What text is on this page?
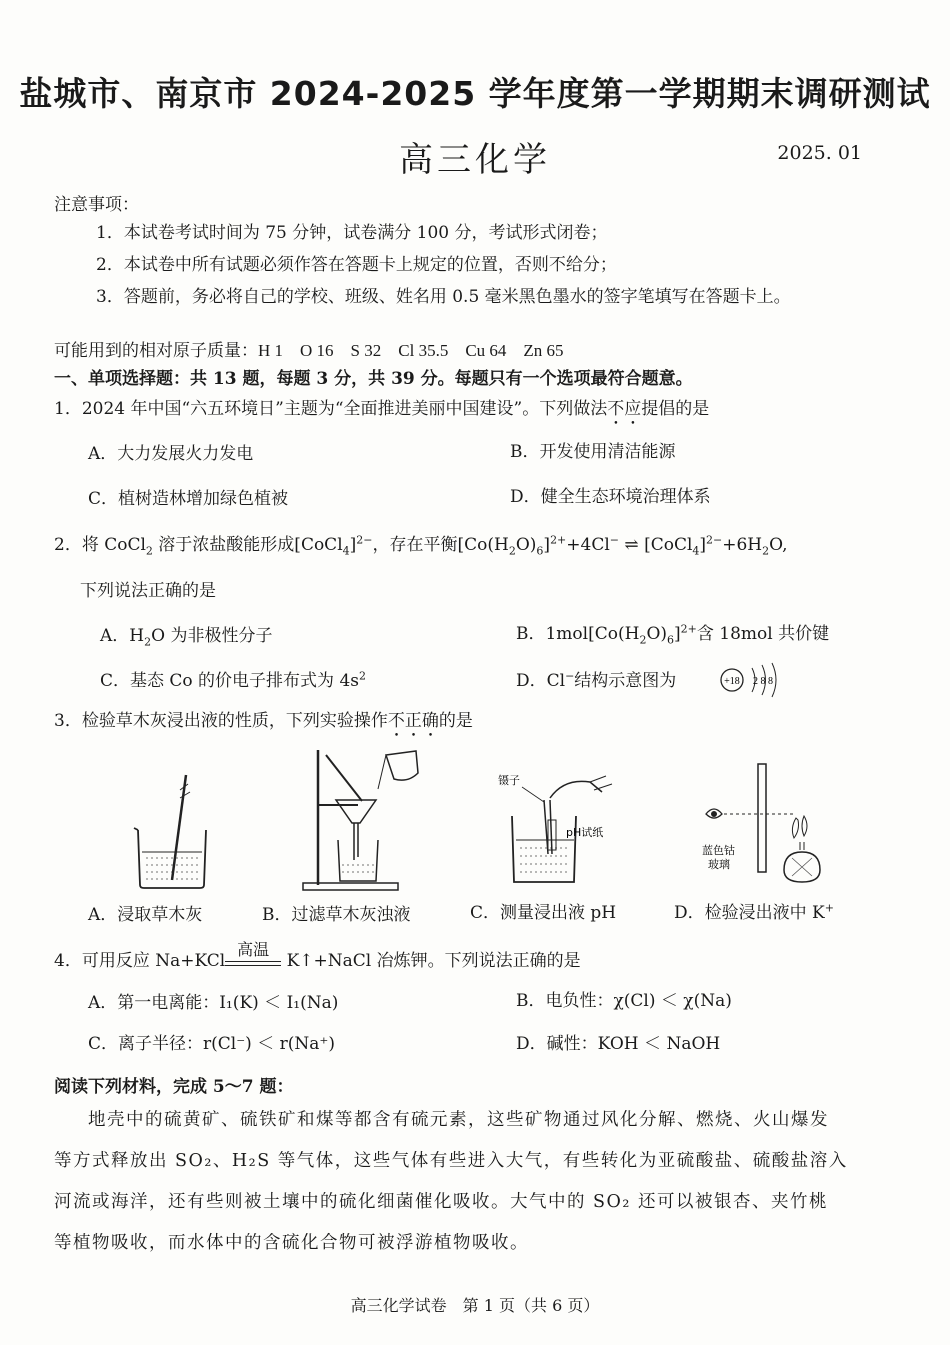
盐城市、南京市 2024-2025 学年度第一学期期末调研测试
高三化学	2025. 01
注意事项：
1．本试卷考试时间为 75 分钟，试卷满分 100 分，考试形式闭卷；
2．本试卷中所有试题必须作答在答题卡上规定的位置，否则不给分；
3．答题前，务必将自己的学校、班级、姓名用 0.5 毫米黑色墨水的签字笔填写在答题卡上。
可能用到的相对原子质量：H 1　O 16　S 32　Cl 35.5　Cu 64　Zn 65
一、单项选择题：共 13 题，每题 3 分，共 39 分。每题只有一个选项最符合题意。
1．2024 年中国“六五环境日”主题为“全面推进美丽中国建设”。下列做法不应提倡的是
A．大力发展火力发电	B．开发使用清洁能源
C．植树造林增加绿色植被	D．健全生态环境治理体系
2．将 CoCl$_2$ 溶于浓盐酸能形成[CoCl$_4$]$^{2-}$，存在平衡$[Co(H_2O)_6]^{2+}+4Cl^-$ ⇌ $[CoCl_4]^{2-}+6H_2O$,
下列说法正确的是
A．$H_2O$ 为非极性分子	B．$1mol[Co(H_2O)_6]^{2+}$含 18mol 共价键
C．基态 Co 的价电子排布式为 $4s^2$	D．Cl−结构示意图为	+18 2 8 8
3．检验草木灰浸出液的性质，下列实验操作不正确的是
镊子
pH试纸
蓝色钴
玻璃
A．浸取草木灰	B．过滤草木灰浊液	C．测量浸出液 pH	D．检验浸出液中 K+
4．可用反应 Na+KCl
高温
K↑+NaCl 冶炼钾。下列说法正确的是
A．第一电离能：I₁(K) ＜ I₁(Na)	B．电负性：χ(Cl) ＜ χ(Na)
C．离子半径：r(Cl⁻) ＜ r(Na⁺)	D．碱性：KOH ＜ NaOH
阅读下列材料，完成 5～7 题：
地壳中的硫黄矿、硫铁矿和煤等都含有硫元素，这些矿物通过风化分解、燃烧、火山爆发
等方式释放出 SO₂、H₂S 等气体，这些气体有些进入大气，有些转化为亚硫酸盐、硫酸盐溶入
河流或海洋，还有些则被土壤中的硫化细菌催化吸收。大气中的 SO₂ 还可以被银杏、夹竹桃
等植物吸收，而水体中的含硫化合物可被浮游植物吸收。
高三化学试卷　第 1 页（共 6 页）
